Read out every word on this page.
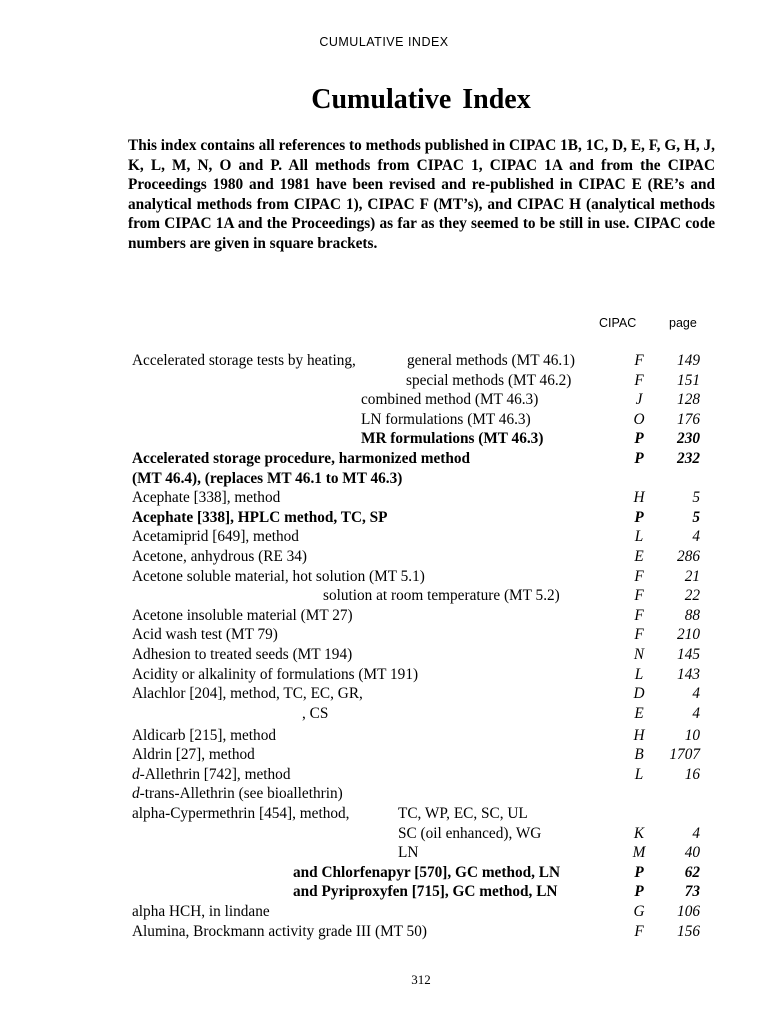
CUMULATIVE INDEX
Cumulative Index
This index contains all references to methods published in CIPAC 1B, 1C, D, E, F, G, H, J, K, L, M, N, O and P. All methods from CIPAC 1, CIPAC 1A and from the CIPAC Proceedings 1980 and 1981 have been revised and re-published in CIPAC E (RE’s and analytical methods from CIPAC 1), CIPAC F (MT’s), and CIPAC H (analytical methods from CIPAC 1A and the Proceedings) as far as they seemed to be still in use. CIPAC code numbers are given in square brackets.
CIPAC	page
Accelerated storage tests by heating,	general methods (MT 46.1)	F	149
special methods (MT 46.2)	F	151
combined method (MT 46.3)	J	128
LN formulations (MT 46.3)	O	176
MR formulations (MT 46.3)	P	230
Accelerated storage procedure, harmonized method	P	232
(MT 46.4), (replaces MT 46.1 to MT 46.3)
Acephate [338], method	H	5
Acephate [338], HPLC method, TC, SP	P	5
Acetamiprid [649], method	L	4
Acetone, anhydrous (RE 34)	E	286
Acetone soluble material, hot solution (MT 5.1)	F	21
solution at room temperature (MT 5.2)	F	22
Acetone insoluble material (MT 27)	F	88
Acid wash test (MT 79)	F	210
Adhesion to treated seeds (MT 194)	N	145
Acidity or alkalinity of formulations (MT 191)	L	143
Alachlor [204], method, TC, EC, GR,	D	4
, CS	E	4
Aldicarb [215], method	H	10
Aldrin [27], method	B	1707
d-Allethrin [742], method	L	16
d-trans-Allethrin (see bioallethrin)
alpha-Cypermethrin [454], method,	TC, WP, EC, SC, UL
SC (oil enhanced), WG	K	4
LN	M	40
and Chlorfenapyr [570], GC method, LN	P	62
and Pyriproxyfen [715], GC method, LN	P	73
alpha HCH, in lindane	G	106
Alumina, Brockmann activity grade III (MT 50)	F	156
312
